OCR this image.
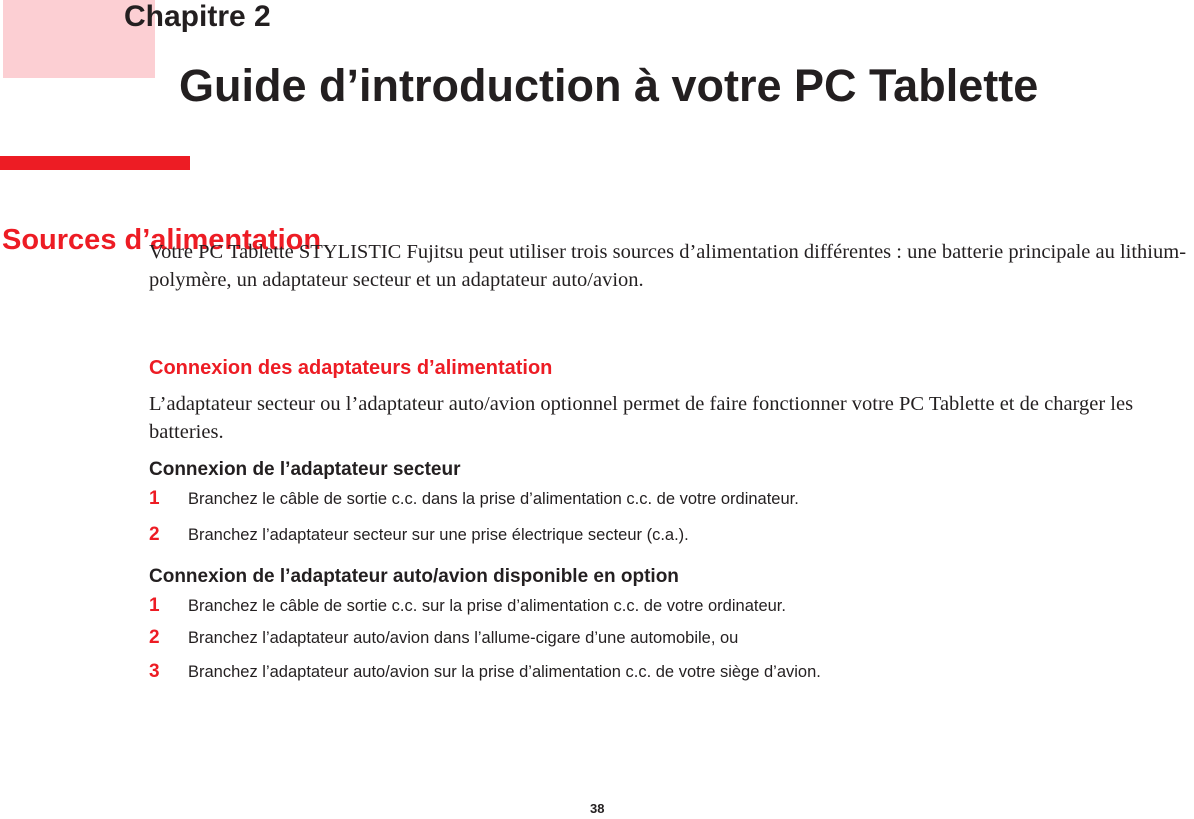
Chapitre 2
Guide d’introduction à votre PC Tablette
Sources d’alimentation

Votre PC Tablette STYLISTIC Fujitsu peut utiliser trois sources d’alimentation différentes : une batterie principale au lithium-polymère, un adaptateur secteur et un adaptateur auto/avion.

Connexion des adaptateurs d’alimentation

L’adaptateur secteur ou l’adaptateur auto/avion optionnel permet de faire fonctionner votre PC Tablette et de charger les batteries.

Connexion de l’adaptateur secteur
1 Branchez le câble de sortie c.c. dans la prise d’alimentation c.c. de votre ordinateur.
2 Branchez l’adaptateur secteur sur une prise électrique secteur (c.a.).
Connexion de l’adaptateur auto/avion disponible en option
1 Branchez le câble de sortie c.c. sur la prise d’alimentation c.c. de votre ordinateur.
2 Branchez l’adaptateur auto/avion dans l’allume-cigare d’une automobile, ou
3 Branchez l’adaptateur auto/avion sur la prise d’alimentation c.c. de votre siège d’avion.

38
